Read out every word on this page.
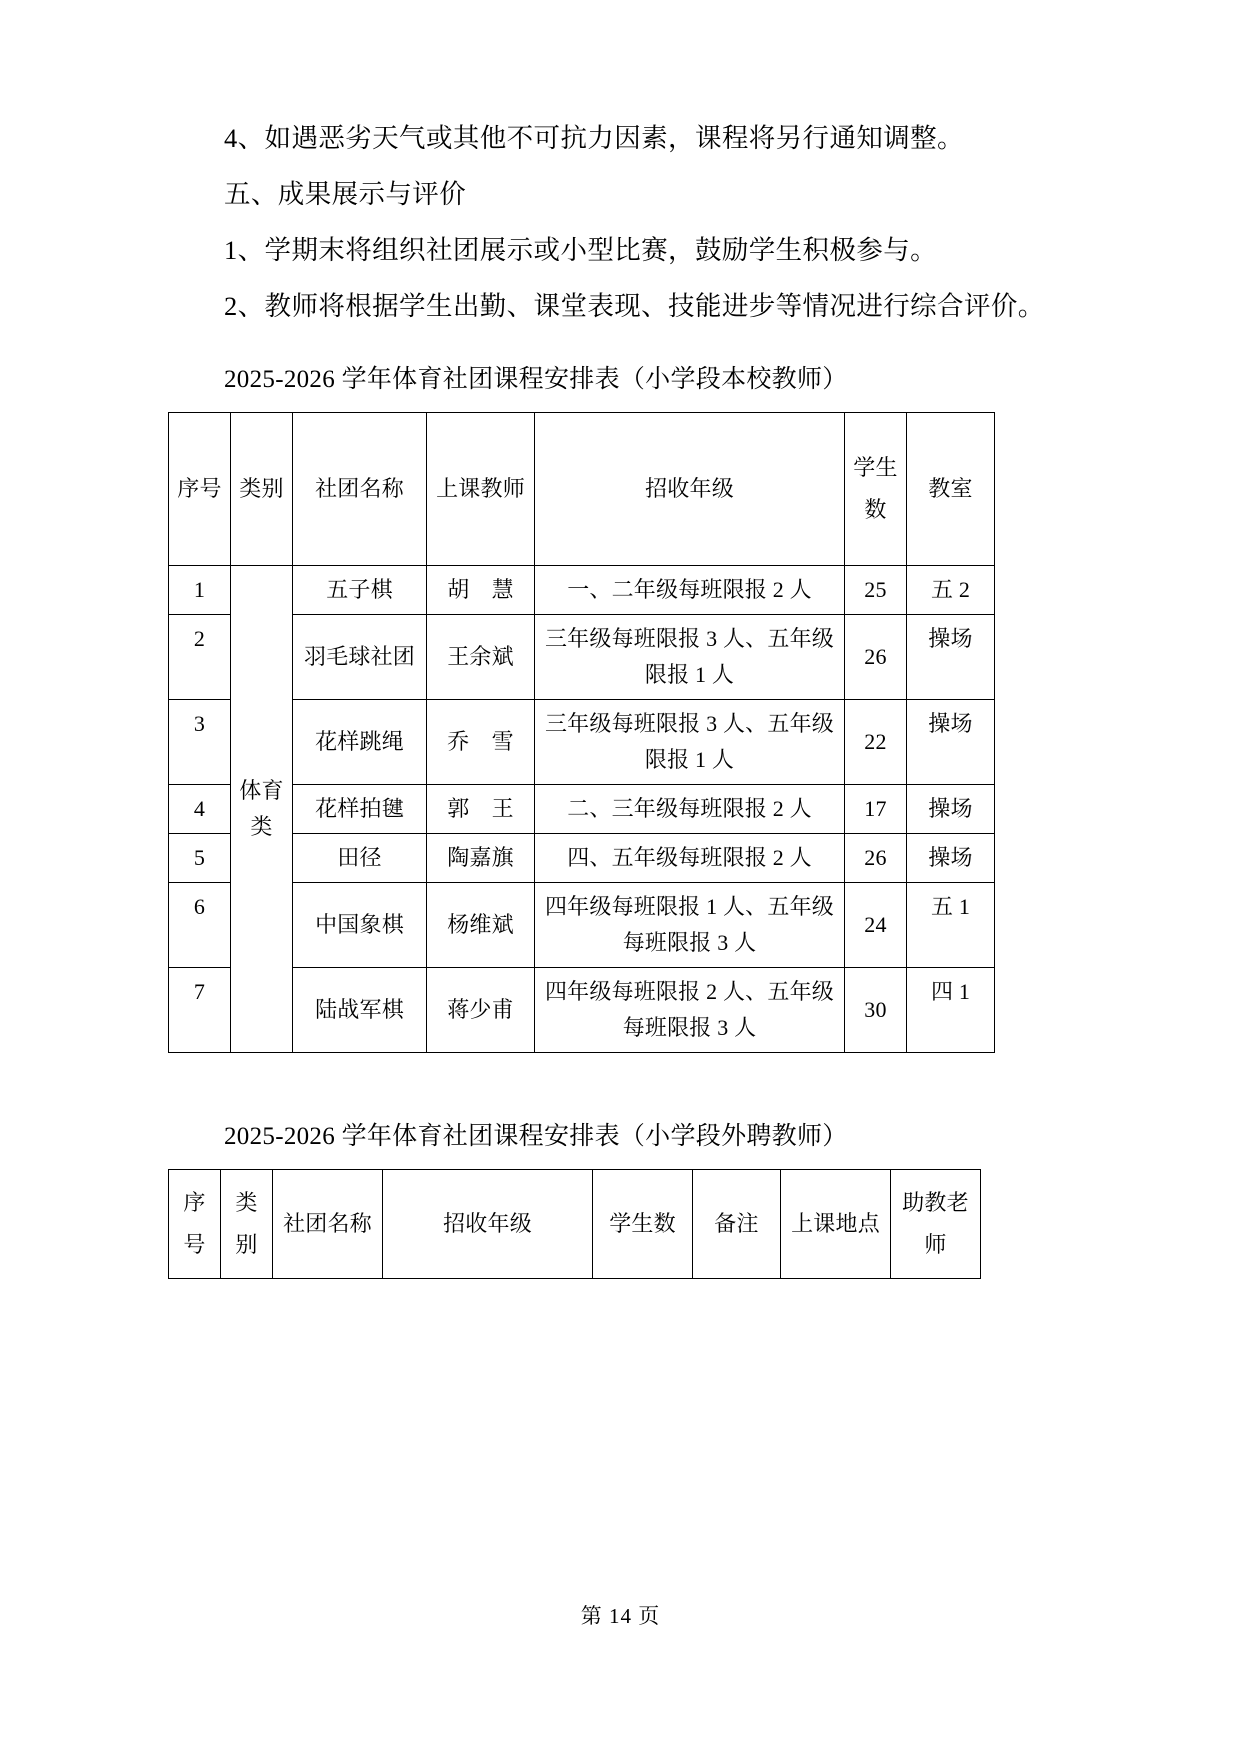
4、如遇恶劣天气或其他不可抗力因素，课程将另行通知调整。

五、成果展示与评价

1、学期末将组织社团展示或小型比赛，鼓励学生积极参与。

2、教师将根据学生出勤、课堂表现、技能进步等情况进行综合评价。

2025-2026 学年体育社团课程安排表（小学段本校教师）
序号	类别	社团名称	上课教师	招收年级	学生数	教室
1	体育类	五子棋	胡　慧	一、二年级每班限报 2 人	25	五 2
2		羽毛球社团	王余斌	三年级每班限报 3 人、五年级限报 1 人	26	操场
3		花样跳绳	乔　雪	三年级每班限报 3 人、五年级限报 1 人	22	操场
4		花样拍毽	郭　王	二、三年级每班限报 2 人	17	操场
5		田径	陶嘉旗	四、五年级每班限报 2 人	26	操场
6		中国象棋	杨维斌	四年级每班限报 1 人、五年级每班限报 3 人	24	五 1
7		陆战军棋	蒋少甫	四年级每班限报 2 人、五年级每班限报 3 人	30	四 1
2025-2026 学年体育社团课程安排表（小学段外聘教师）
序号	类别	社团名称	招收年级	学生数	备注	上课地点	助教老师
第 14 页
